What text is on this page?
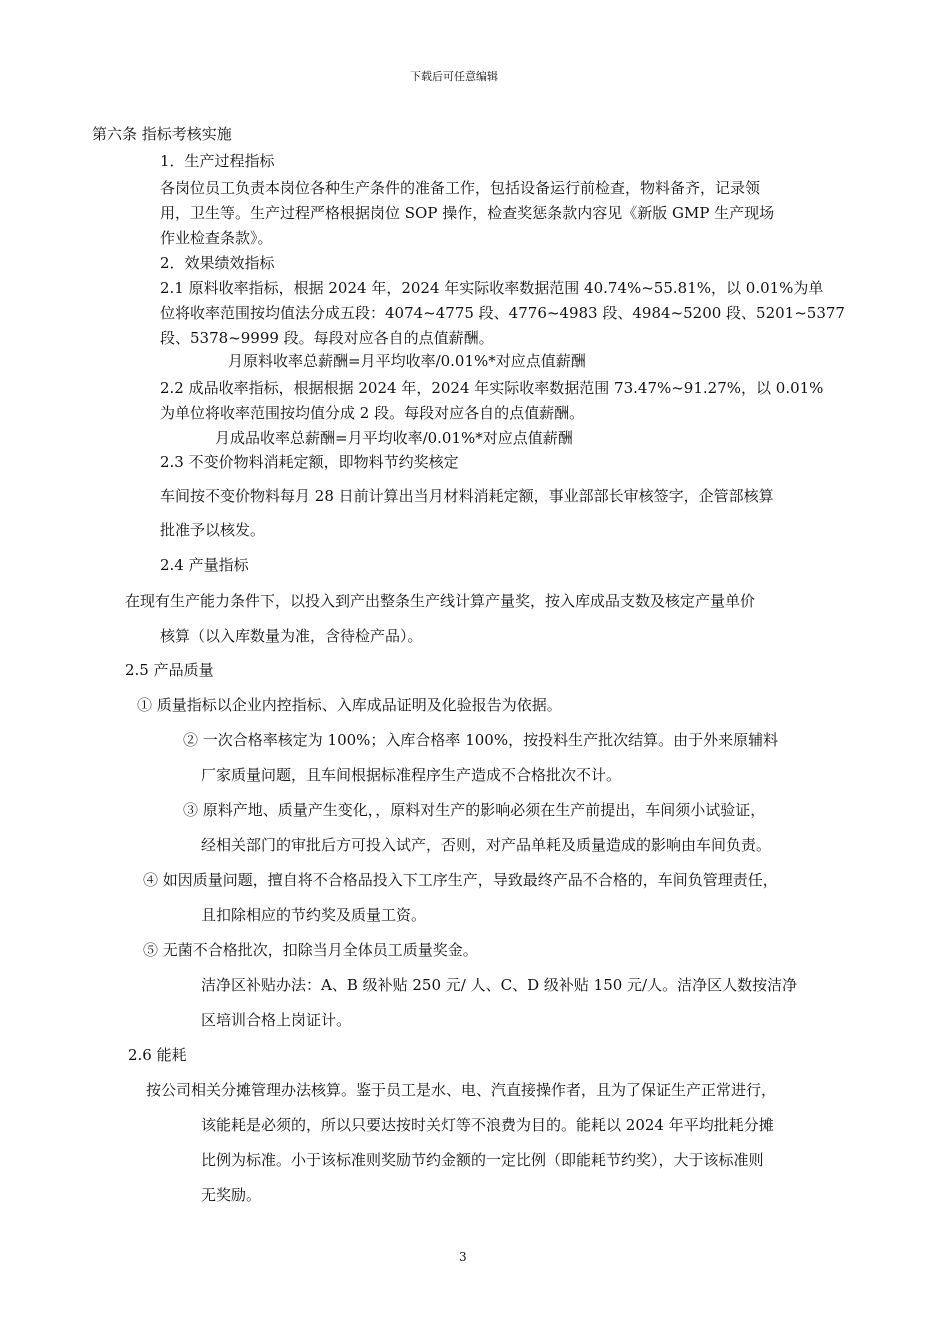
下载后可任意编辑
第六条 指标考核实施
1．生产过程指标
各岗位员工负责本岗位各种生产条件的准备工作，包括设备运行前检查，物料备齐，记录领
用，卫生等。生产过程严格根据岗位 SOP 操作，检查奖惩条款内容见《新版 GMP 生产现场
作业检查条款》。
2．效果绩效指标
2.1 原料收率指标，根据 2024 年，2024 年实际收率数据范围 40.74%~55.81%，以 0.01%为单
位将收率范围按均值法分成五段：4074~4775 段、4776~4983 段、4984~5200 段、5201~5377
段、5378~9999 段。每段对应各自的点值薪酬。
月原料收率总薪酬=月平均收率/0.01%*对应点值薪酬
2.2 成品收率指标，根据根据 2024 年，2024 年实际收率数据范围 73.47%~91.27%，以 0.01%
为单位将收率范围按均值分成 2 段。每段对应各自的点值薪酬。
月成品收率总薪酬=月平均收率/0.01%*对应点值薪酬
2.3 不变价物料消耗定额，即物料节约奖核定
车间按不变价物料每月 28 日前计算出当月材料消耗定额，事业部部长审核签字，企管部核算
批准予以核发。
2.4 产量指标
在现有生产能力条件下，以投入到产出整条生产线计算产量奖，按入库成品支数及核定产量单价
核算（以入库数量为准，含待检产品）。
2.5 产品质量
① 质量指标以企业内控指标、入库成品证明及化验报告为依据。
② 一次合格率核定为 100%；入库合格率 100%，按投料生产批次结算。由于外来原辅料
厂家质量问题，且车间根据标准程序生产造成不合格批次不计。
③ 原料产地、质量产生变化，，原料对生产的影响必须在生产前提出，车间须小试验证，
经相关部门的审批后方可投入试产，否则，对产品单耗及质量造成的影响由车间负责。
④ 如因质量问题，擅自将不合格品投入下工序生产，导致最终产品不合格的，车间负管理责任，
且扣除相应的节约奖及质量工资。
⑤ 无菌不合格批次，扣除当月全体员工质量奖金。
洁净区补贴办法：A、B 级补贴 250 元/ 人、C、D 级补贴 150 元/人。洁净区人数按洁净
区培训合格上岗证计。
2.6 能耗
按公司相关分摊管理办法核算。鉴于员工是水、电、汽直接操作者，且为了保证生产正常进行，
该能耗是必须的，所以只要达按时关灯等不浪费为目的。能耗以 2024 年平均批耗分摊
比例为标准。小于该标准则奖励节约金额的一定比例（即能耗节约奖），大于该标准则
无奖励。
3
